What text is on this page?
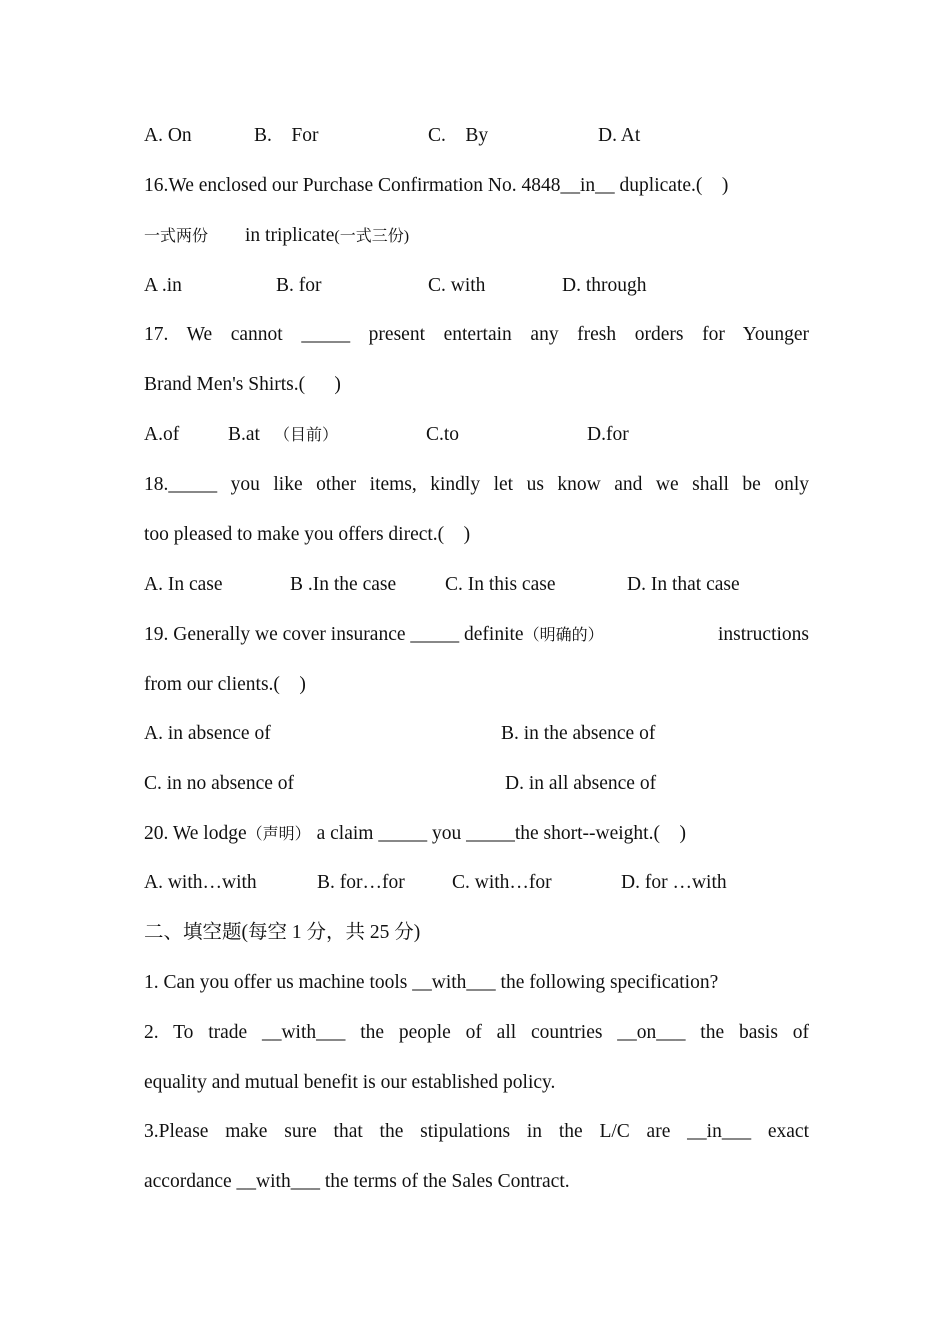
A. On	B.    For	C.    By	D. At
16.We enclosed our Purchase Confirmation No. 4848__in__ duplicate.(    )
一式两份 in triplicate(一式三份)
A .in	B. for	C. with	D. through
17. We cannot _____ present entertain any fresh orders for Younger
Brand Men's Shirts.(      )
A.of	B.at （目前）	C.to	D.for
18._____ you like other items, kindly let us know and we shall be only
too pleased to make you offers direct.(    )
A. In case	B .In the case	C. In this case	D. In that case
19. Generally we cover insurance _____ definite（明确的）	instructions
from our clients.(    )
A. in absence of	B. in the absence of
C. in no absence of	D. in all absence of
20. We lodge（声明） a claim _____ you _____the short--weight.(    )
A. with…with	B. for…for C. with…for	D. for …with
二、填空题(每空 1 分，共 25 分)
1. Can you offer us machine tools __with___ the following specification?
2. To trade __with___ the people of all countries __on___ the basis of
equality and mutual benefit is our established policy.
3.Please make sure that the stipulations in the L/C are __in___ exact
accordance __with___ the terms of the Sales Contract.
